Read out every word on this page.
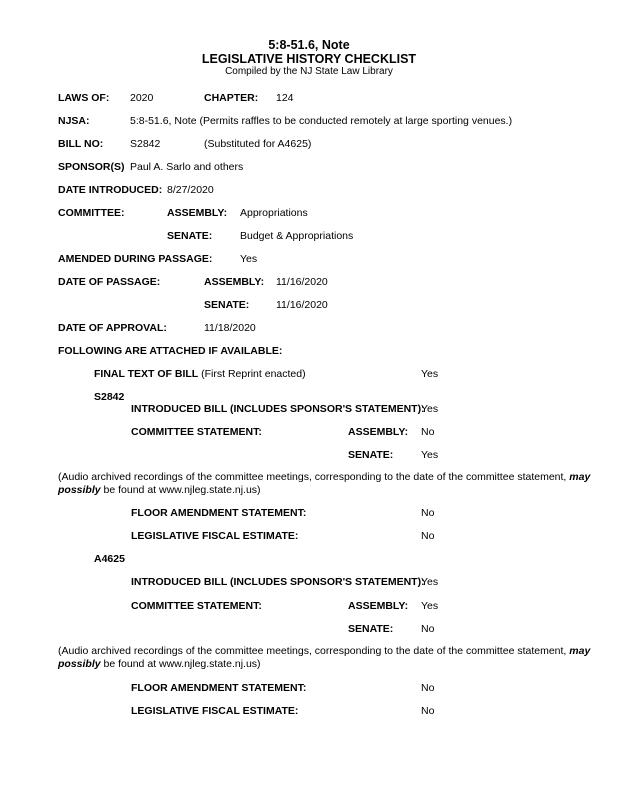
5:8-51.6, Note
LEGISLATIVE HISTORY CHECKLIST
Compiled by the NJ State Law Library
LAWS OF: 2020	CHAPTER: 124
NJSA:	5:8-51.6, Note (Permits raffles to be conducted remotely at large sporting venues.)
BILL NO:	S2842	(Substituted for A4625)
SPONSOR(S) Paul A. Sarlo and others
DATE INTRODUCED: 8/27/2020
COMMITTEE:	ASSEMBLY: Appropriations
SENATE:	Budget & Appropriations
AMENDED DURING PASSAGE:	Yes
DATE OF PASSAGE:	ASSEMBLY: 11/16/2020
SENATE:	11/16/2020
DATE OF APPROVAL:	11/18/2020
FOLLOWING ARE ATTACHED IF AVAILABLE:
FINAL TEXT OF BILL (First Reprint enacted)	Yes
S2842
INTRODUCED BILL (INCLUDES SPONSOR'S STATEMENT):
Yes
COMMITTEE STATEMENT:	ASSEMBLY: No
SENATE:	Yes
(Audio archived recordings of the committee meetings, corresponding to the date of the committee statement, may possibly be found at www.njleg.state.nj.us)
FLOOR AMENDMENT STATEMENT:	No
LEGISLATIVE FISCAL ESTIMATE:	No
A4625
INTRODUCED BILL (INCLUDES SPONSOR'S STATEMENT):
Yes
COMMITTEE STATEMENT:	ASSEMBLY: Yes
SENATE:	No
(Audio archived recordings of the committee meetings, corresponding to the date of the committee statement, may possibly be found at www.njleg.state.nj.us)
FLOOR AMENDMENT STATEMENT:	No
LEGISLATIVE FISCAL ESTIMATE:	No
